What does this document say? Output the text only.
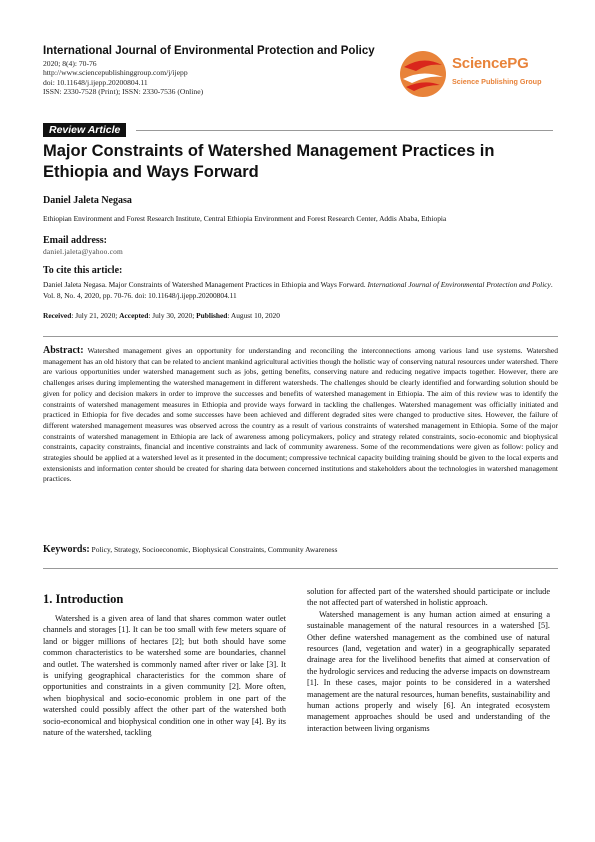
International Journal of Environmental Protection and Policy
2020; 8(4): 70-76
http://www.sciencepublishinggroup.com/j/ijepp
doi: 10.11648/j.ijepp.20200804.11
ISSN: 2330-7528 (Print); ISSN: 2330-7536 (Online)
SciencePG
Science Publishing Group
Review Article
Major Constraints of Watershed Management Practices in Ethiopia and Ways Forward
Daniel Jaleta Negasa
Ethiopian Environment and Forest Research Institute, Central Ethiopia Environment and Forest Research Center, Addis Ababa, Ethiopia
Email address:
daniel.jaleta@yahoo.com
To cite this article:
Daniel Jaleta Negasa. Major Constraints of Watershed Management Practices in Ethiopia and Ways Forward. International Journal of Environmental Protection and Policy. Vol. 8, No. 4, 2020, pp. 70-76. doi: 10.11648/j.ijepp.20200804.11
Received: July 21, 2020; Accepted: July 30, 2020; Published: August 10, 2020
Abstract: Watershed management gives an opportunity for understanding and reconciling the interconnections among various land use systems. Watershed management has an old history that can be related to ancient mankind agricultural activities though the holistic way of conserving natural resources under watershed. There are various opportunities under watershed management such as jobs, getting benefits, conserving nature and reducing negative impacts together. However, there are challenges arises during implementing the watershed management in different watersheds. The challenges should be clearly identified and forwarding solution should be given for policy and decision makers in order to improve the successes and benefits of watershed management in Ethiopia. The aim of this review was to identify the constraints of watershed management measures in Ethiopia and provide ways forward in tackling the challenges. Watershed management was officially initiated and practiced in Ethiopia for five decades and some successes have been achieved and different degraded sites were changed to productive sites. However, the failure of different watershed management measures was observed across the country as a result of various constraints of watershed management in Ethiopia. Some of the major constraints of watershed management in Ethiopia are lack of awareness among policymakers, policy and strategy related constraints, socio-economic and biophysical constraints, capacity constraints, financial and incentive constraints and lack of community awareness. Some of the recommendations were given as follow: policy and strategies should be applied at a watershed level as it presented in the document; compressive technical capacity building training should be given to the local experts and extensionists and information center should be created for sharing data between concerned institutions and stakeholders about the technologies in watershed management practices.
Keywords: Policy, Strategy, Socioeconomic, Biophysical Constraints, Community Awareness
1. Introduction

Watershed is a given area of land that shares common water outlet channels and storages [1]. It can be too small with few meters square of land or bigger millions of hectares [2]; but both should have some common characteristics to be watershed some are boundaries, channel and outlet. The watershed is commonly named after river or lake [3]. It is unifying geographical characteristics for the common share of opportunities and constraints in a given community [2]. More often, when biophysical and socio-economic problem in one part of the watershed could possibly affect the other part of the watershed both socio-economical and biophysical condition one in other way [4]. By its nature of the watershed, tackling

solution for affected part of the watershed should participate or include the not affected part of watershed in holistic approach.

Watershed management is any human action aimed at ensuring a sustainable management of the natural resources in a watershed [5]. Other define watershed management as the combined use of natural resources (land, vegetation and water) in a geographically separated drainage area for the livelihood benefits that aimed at conservation of the hydrologic services and reducing the adverse impacts on downstream [1]. In these cases, major points to be considered in a watershed management are the natural resources, human benefits, sustainability and human actions properly and wisely [6]. An integrated ecosystem management approaches should be used and understanding of the interaction between living organisms
